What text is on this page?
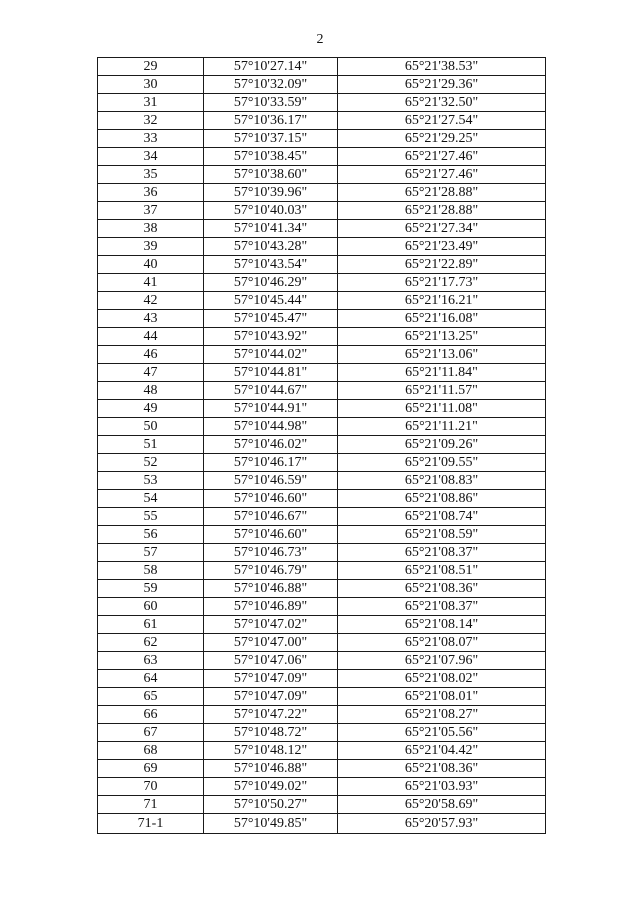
2
29	57°10'27.14"	65°21'38.53"
30	57°10'32.09"	65°21'29.36"
31	57°10'33.59"	65°21'32.50"
32	57°10'36.17"	65°21'27.54"
33	57°10'37.15"	65°21'29.25"
34	57°10'38.45"	65°21'27.46"
35	57°10'38.60"	65°21'27.46"
36	57°10'39.96"	65°21'28.88"
37	57°10'40.03"	65°21'28.88"
38	57°10'41.34"	65°21'27.34"
39	57°10'43.28"	65°21'23.49"
40	57°10'43.54"	65°21'22.89"
41	57°10'46.29"	65°21'17.73"
42	57°10'45.44"	65°21'16.21"
43	57°10'45.47"	65°21'16.08"
44	57°10'43.92"	65°21'13.25"
46	57°10'44.02"	65°21'13.06"
47	57°10'44.81"	65°21'11.84"
48	57°10'44.67"	65°21'11.57"
49	57°10'44.91"	65°21'11.08"
50	57°10'44.98"	65°21'11.21"
51	57°10'46.02"	65°21'09.26"
52	57°10'46.17"	65°21'09.55"
53	57°10'46.59"	65°21'08.83"
54	57°10'46.60"	65°21'08.86"
55	57°10'46.67"	65°21'08.74"
56	57°10'46.60"	65°21'08.59"
57	57°10'46.73"	65°21'08.37"
58	57°10'46.79"	65°21'08.51"
59	57°10'46.88"	65°21'08.36"
60	57°10'46.89"	65°21'08.37"
61	57°10'47.02"	65°21'08.14"
62	57°10'47.00"	65°21'08.07"
63	57°10'47.06"	65°21'07.96"
64	57°10'47.09"	65°21'08.02"
65	57°10'47.09"	65°21'08.01"
66	57°10'47.22"	65°21'08.27"
67	57°10'48.72"	65°21'05.56"
68	57°10'48.12"	65°21'04.42"
69	57°10'46.88"	65°21'08.36"
70	57°10'49.02"	65°21'03.93"
71	57°10'50.27"	65°20'58.69"
71-1	57°10'49.85"	65°20'57.93"
